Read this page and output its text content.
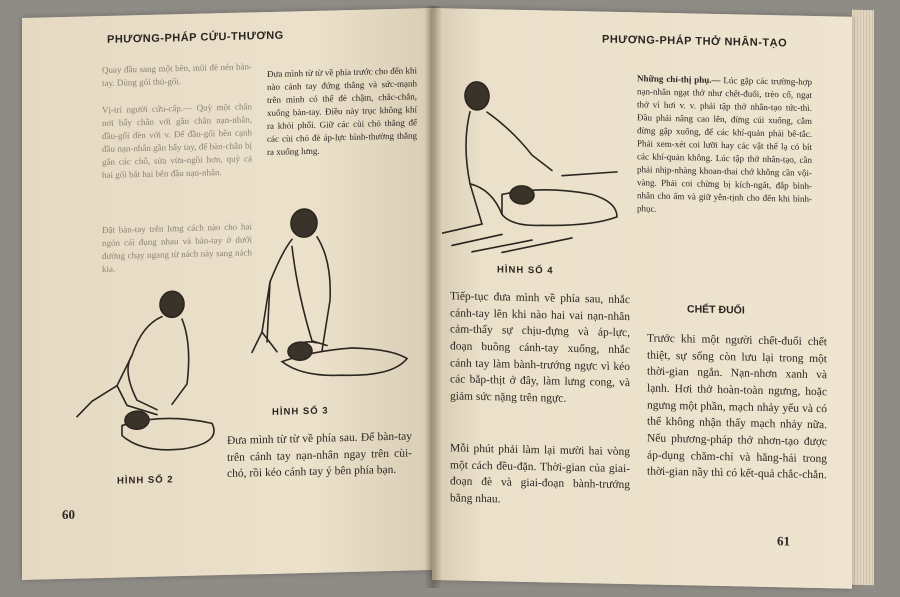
PHƯƠNG-PHÁP CỨU-THƯƠNG
Quay đầu sang một bên, mũi đè nén bàn-tay. Dùng gói thủ-gối.
Vị-trí người cứu-cấp.— Quỳ một chân nơi bẩy chân với gần chân nạn-nhân, đầu-gối đèn với v. Để đầu-gối bên cạnh đầu nạn-nhân gần bẩy tay, để bàn-chân bị gân các chỗ, sửa vừa-ngồi hơn, quỳ cả hai gối bắt hai bên đầu nạn-nhân.
Đặt bàn-tay trên lưng cách nào cho hai ngón cái đụng nhau và bàn-tay ở dưới đường chạy ngang từ nách này sang nách kia.
Đưa mình từ từ về phía trước cho đến khi nào cánh tay đứng thẳng và sức-mạnh trên mình có thể đè chậm, chắc-chắn, xuống bàn-tay. Điều này trục không khí ra khỏi phổi. Giữ các cùi chỏ thẳng để các cùi chỏ đè áp-lực bình-thường thẳng ra xuống lưng.
HÌNH SỐ 3
Đưa mình từ từ về phía sau. Để bàn-tay trên cánh tay nạn-nhân ngay trên cùi-chỏ, rồi kéo cánh tay ý bên phía bạn.
HÌNH SỐ 2
60
PHƯƠNG-PHÁP THỞ NHÂN-TẠO
Những chỉ-thị phụ.— Lúc gặp các trường-hợp nạn-nhân ngạt thở như chết-đuối, trèo cổ, ngạt thở vì hơi v. v. phải tập thở nhân-tạo tức-thì. Đầu phải nâng cao lên, đừng cúi xuống, cằm đừng gập xuống, để các khí-quản phải bế-tắc. Phải xem-xét coi lưỡi hay các vật thể lạ có bít các khí-quản không. Lúc tập thở nhân-tạo, cần phải nhịp-nhàng khoan-thai chớ không cần vội-vàng. Phải coi chừng bị kích-ngất, đắp bình-nhân cho ấm và giữ yên-tịnh cho đến khi bình-phục.
HÌNH SỐ 4
Tiếp-tục đưa mình về phía sau, nhắc cánh-tay lên khi nào hai vai nạn-nhân cảm-thấy sự chịu-đựng và áp-lực, đoạn buông cánh-tay xuống, nhắc cánh tay làm bành-trướng ngực vì kéo các bắp-thịt ở đây, làm lưng cong, và giảm sức nặng trên ngực.
Mỗi phút phải làm lại mười hai vòng một cách đều-đặn. Thời-gian của giai-đoạn đè và giai-đoạn bành-trướng bằng nhau.
CHẾT ĐUỐI
Trước khi một người chết-đuối chết thiệt, sự sống còn lưu lại trong một thời-gian ngắn. Nạn-nhơn xanh và lạnh. Hơi thở hoàn-toàn ngưng, hoặc ngưng một phần, mạch nhảy yếu và có thể không nhận thấy mạch nhảy nữa. Nếu phương-pháp thở nhơn-tạo được áp-dụng chăm-chỉ và hăng-hái trong thời-gian nầy thì có kết-quả chắc-chắn.
61
